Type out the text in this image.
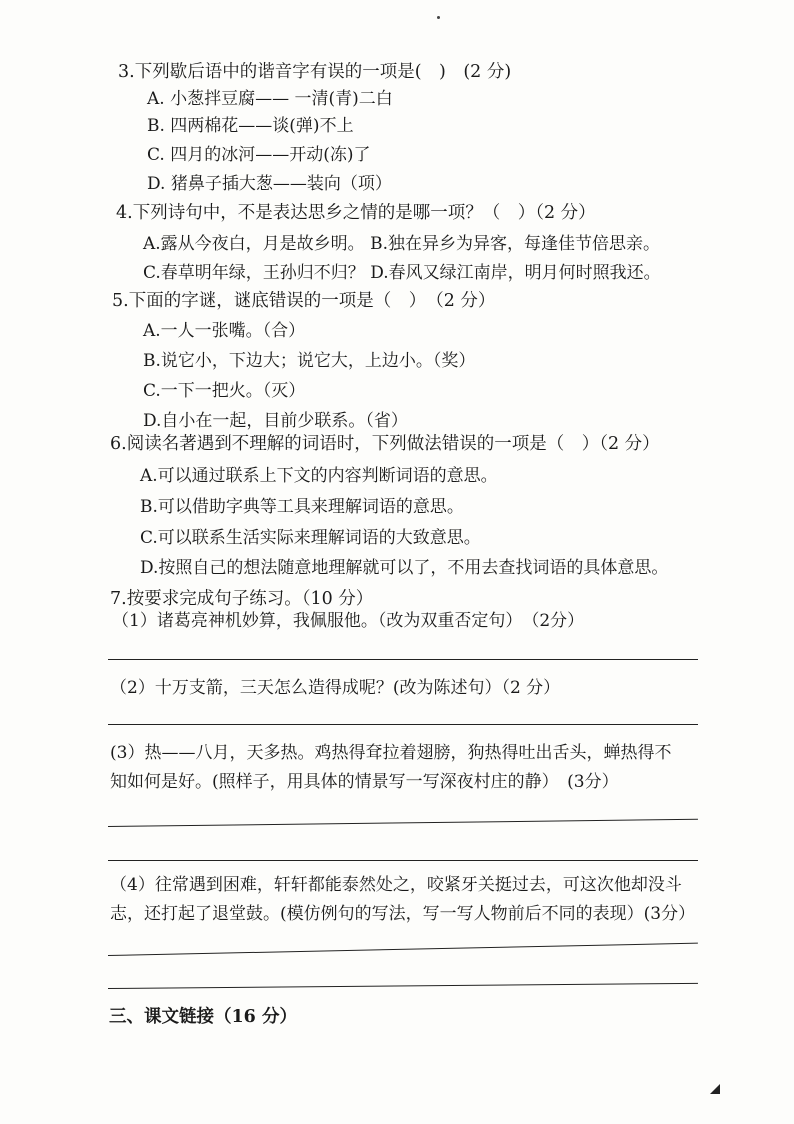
3.下列歇后语中的谐音字有误的一项是(　)　(2 分)
A. 小葱拌豆腐—— 一清(青)二白
B. 四两棉花——谈(弹)不上
C. 四月的冰河——开动(冻)了
D. 猪鼻子插大葱——装向（项）
4.下列诗句中，不是表达思乡之情的是哪一项？（　）（2 分）
A.露从今夜白，月是故乡明。 B.独在异乡为异客，每逢佳节倍思亲。
C.春草明年绿，王孙归不归？ D.春风又绿江南岸，明月何时照我还。
5.下面的字谜，谜底错误的一项是（　）　（2 分）
A.一人一张嘴。（合）
B.说它小，下边大；说它大，上边小。（奖）
C.一下一把火。（灭）
D.自小在一起，目前少联系。（省）
6.阅读名著遇到不理解的词语时，下列做法错误的一项是（　）（2 分）
A.可以通过联系上下文的内容判断词语的意思。
B.可以借助字典等工具来理解词语的意思。
C.可以联系生活实际来理解词语的大致意思。
D.按照自己的想法随意地理解就可以了，不用去查找词语的具体意思。
7.按要求完成句子练习。（10 分）
（1）诸葛亮神机妙算，我佩服他。（改为双重否定句）　（2分）
（2）十万支箭，三天怎么造得成呢？(改为陈述句）（2 分）
(3）热——八月，天多热。鸡热得耷拉着翅膀，狗热得吐出舌头，蝉热得不
知如何是好。(照样子，用具体的情景写一写深夜村庄的静）　(3分）
（4）往常遇到困难，轩轩都能泰然处之，咬紧牙关挺过去，可这次他却没斗
志，还打起了退堂鼓。(模仿例句的写法，写一写人物前后不同的表现）(3分）
三、课文链接（16 分）
